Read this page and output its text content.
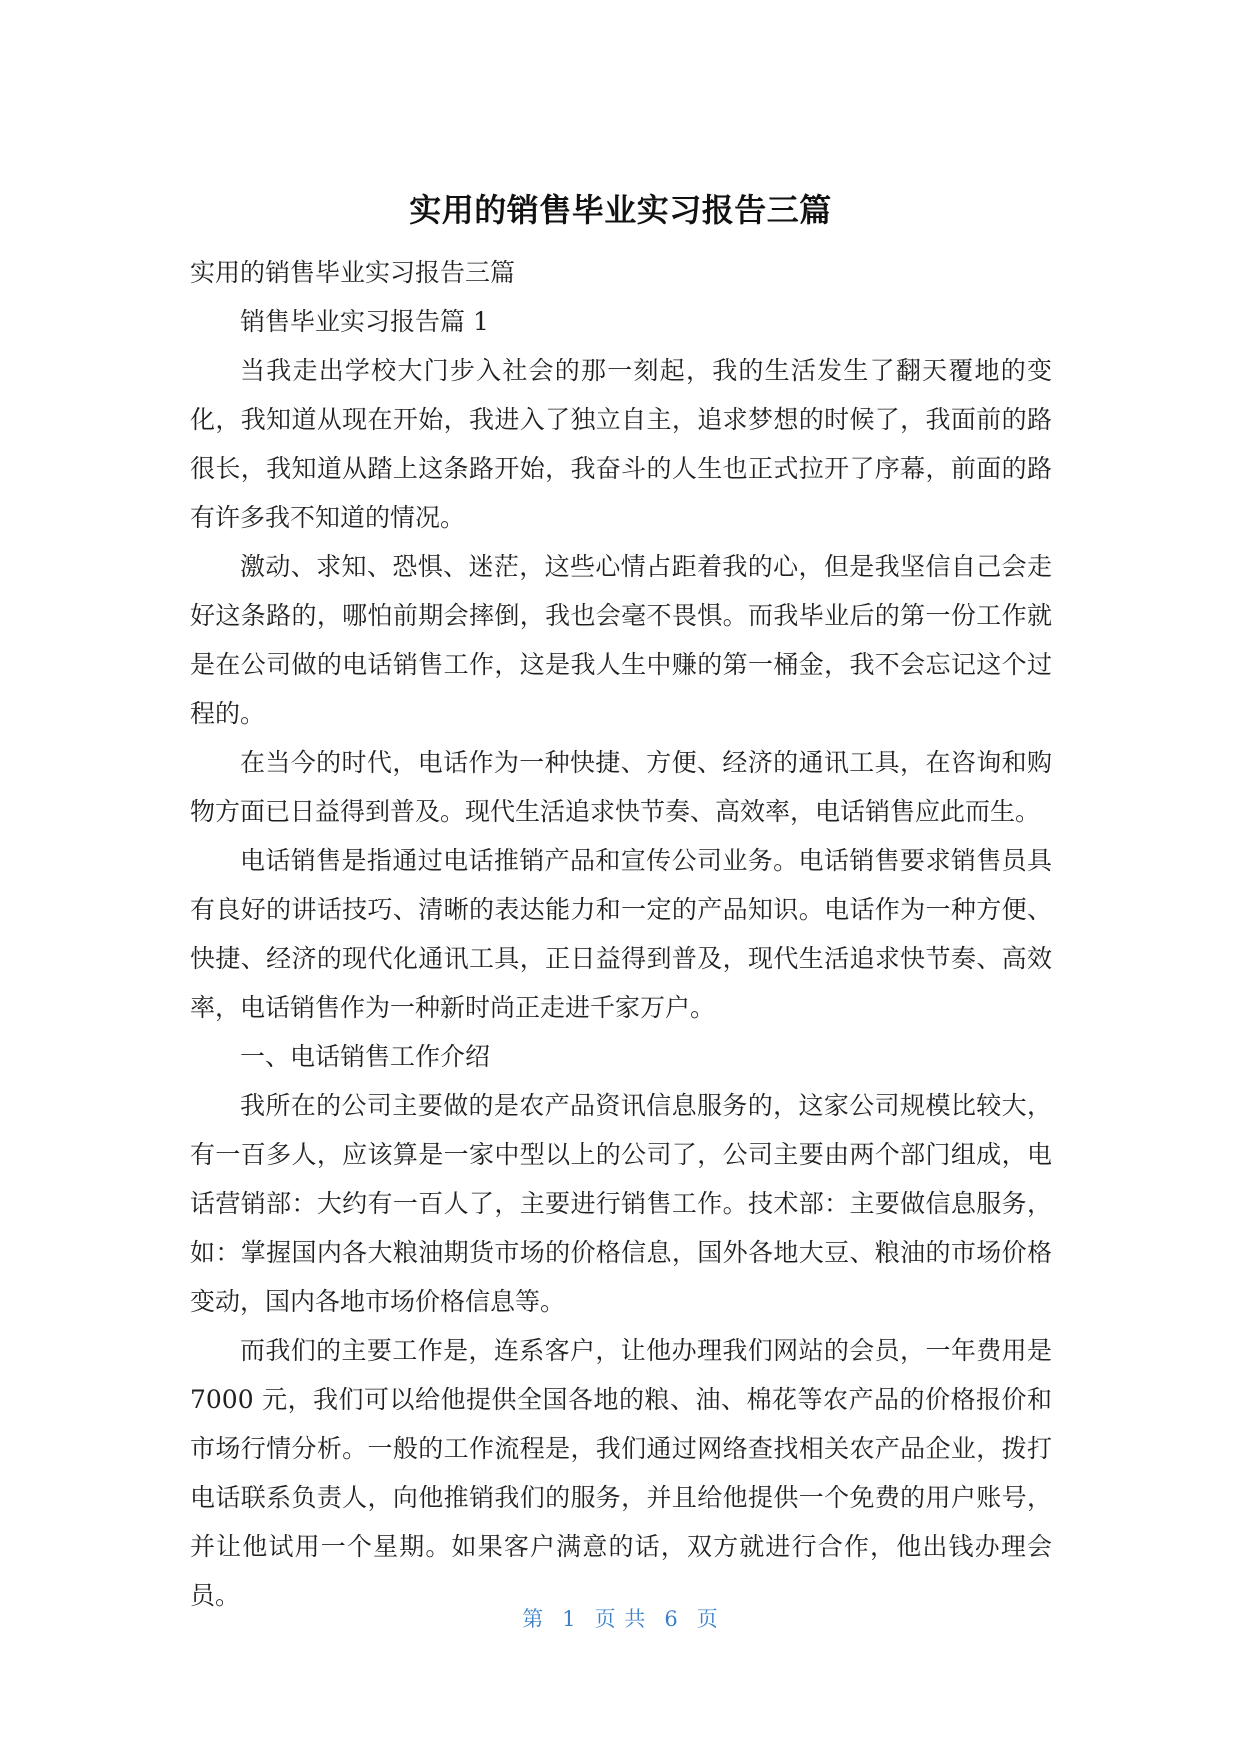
实用的销售毕业实习报告三篇

实用的销售毕业实习报告三篇

销售毕业实习报告篇 1

当我走出学校大门步入社会的那一刻起，我的生活发生了翻天覆地的变化，我知道从现在开始，我进入了独立自主，追求梦想的时候了，我面前的路很长，我知道从踏上这条路开始，我奋斗的人生也正式拉开了序幕，前面的路有许多我不知道的情况。

激动、求知、恐惧、迷茫，这些心情占距着我的心，但是我坚信自己会走好这条路的，哪怕前期会摔倒，我也会毫不畏惧。而我毕业后的第一份工作就是在公司做的电话销售工作，这是我人生中赚的第一桶金，我不会忘记这个过程的。

在当今的时代，电话作为一种快捷、方便、经济的通讯工具，在咨询和购物方面已日益得到普及。现代生活追求快节奏、高效率，电话销售应此而生。

电话销售是指通过电话推销产品和宣传公司业务。电话销售要求销售员具有良好的讲话技巧、清晰的表达能力和一定的产品知识。电话作为一种方便、快捷、经济的现代化通讯工具，正日益得到普及，现代生活追求快节奏、高效率，电话销售作为一种新时尚正走进千家万户。

一、电话销售工作介绍

我所在的公司主要做的是农产品资讯信息服务的，这家公司规模比较大，有一百多人，应该算是一家中型以上的公司了，公司主要由两个部门组成，电话营销部：大约有一百人了，主要进行销售工作。技术部：主要做信息服务，如：掌握国内各大粮油期货市场的价格信息，国外各地大豆、粮油的市场价格变动，国内各地市场价格信息等。

而我们的主要工作是，连系客户，让他办理我们网站的会员，一年费用是 7000 元，我们可以给他提供全国各地的粮、油、棉花等农产品的价格报价和市场行情分析。一般的工作流程是，我们通过网络查找相关农产品企业，拨打电话联系负责人，向他推销我们的服务，并且给他提供一个免费的用户账号，并让他试用一个星期。如果客户满意的话，双方就进行合作，他出钱办理会员。

第 1 页 共 6 页
